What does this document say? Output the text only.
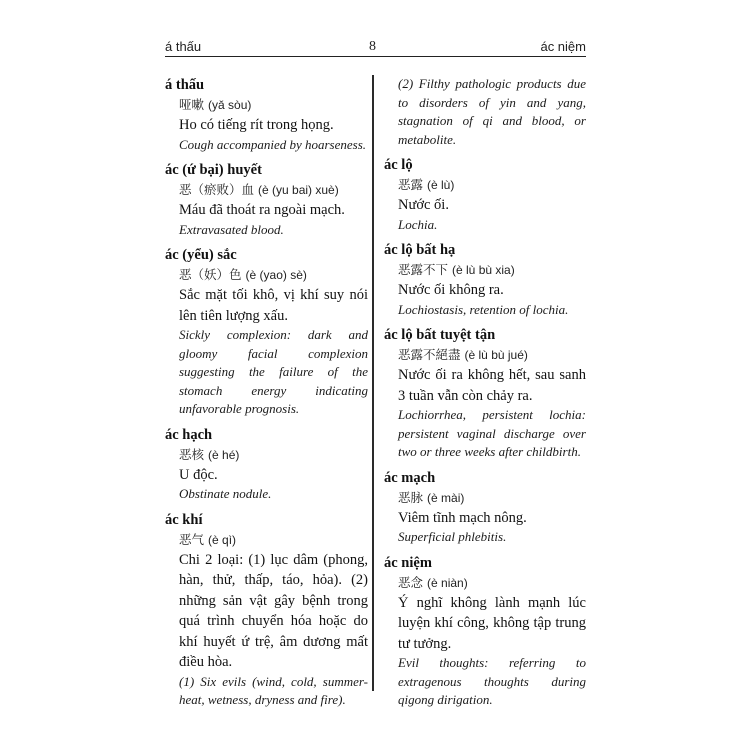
á thấu	8	ác niệm
á thấu
哑嗽 (yǎ sòu)
Ho có tiếng rít trong họng.
Cough accompanied by hoarseness.
ác (ứ bại) huyết
恶（瘀败）血 (è (yu bai) xuè)
Máu đã thoát ra ngoài mạch.
Extravasated blood.
ác (yểu) sắc
恶（妖）色 (è (yao) sè)
Sắc mặt tối khô, vị khí suy nói lên tiên lượng xấu.
Sickly complexion: dark and gloomy facial complexion suggesting the failure of the stomach energy indicating unfavorable prognosis.
ác hạch
恶核 (è hé)
U độc.
Obstinate nodule.
ác khí
恶气 (è qì)
Chi 2 loại: (1) lục dâm (phong, hàn, thử, thấp, táo, hỏa). (2) những sản vật gây bệnh trong quá trình chuyển hóa hoặc do khí huyết ứ trệ, âm dương mất điều hòa.
(1) Six evils (wind, cold, summer-heat, wetness, dryness and fire).
(2) Filthy pathologic products due to disorders of yin and yang, stagnation of qi and blood, or metabolite.
ác lộ
恶露 (è lù)
Nước ối.
Lochia.
ác lộ bất hạ
恶露不下 (è lù bù xia)
Nước ối không ra.
Lochiostasis, retention of lochia.
ác lộ bất tuyệt tận
恶露不絕盡 (è lù bù jué)
Nước ối ra không hết, sau sanh 3 tuần vẫn còn chảy ra.
Lochiorrhea, persistent lochia: persistent vaginal discharge over two or three weeks after childbirth.
ác mạch
恶脉 (è mài)
Viêm tĩnh mạch nông.
Superficial phlebitis.
ác niệm
恶念 (è niàn)
Ý nghĩ không lành mạnh lúc luyện khí công, không tập trung tư tưởng.
Evil thoughts: referring to extragenous thoughts during qigong dirigation.
